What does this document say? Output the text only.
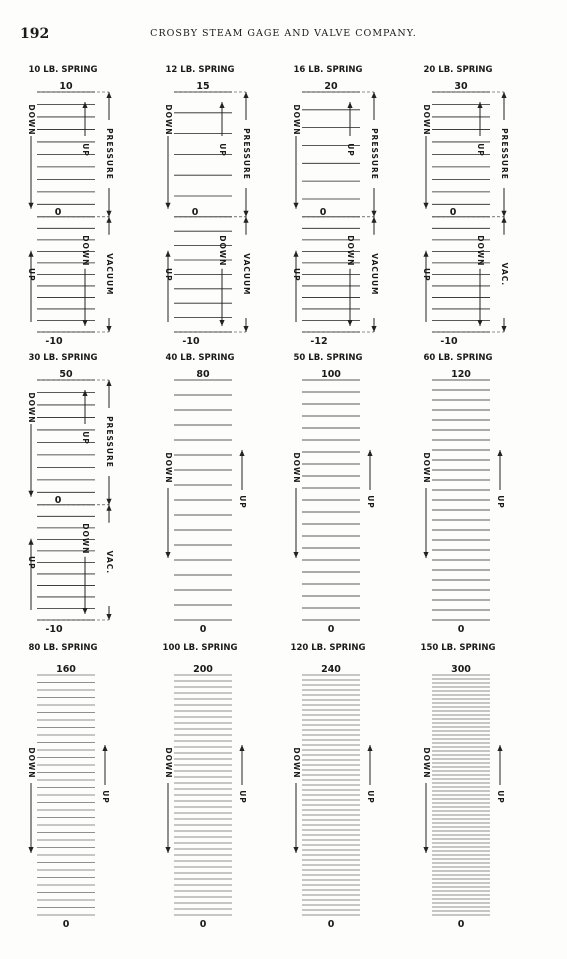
192	CROSBY STEAM GAGE AND VALVE COMPANY.
10 LB. SPRING
10
0
-10
DOWN
UP
UP
DOWN
PRESSURE
VACUUM
12 LB. SPRING
15
0
-10
DOWN
UP
UP
DOWN
PRESSURE
VACUUM
16 LB. SPRING
20
0
-12
DOWN
UP
UP
DOWN
PRESSURE
VACUUM
20 LB. SPRING
30
0
-10
DOWN
UP
UP
DOWN
PRESSURE
VAC.
30 LB. SPRING
50
0
-10
DOWN
UP
UP
DOWN
PRESSURE
VAC.
40 LB. SPRING
80
0
DOWN
UP
50 LB. SPRING
100
0
DOWN
UP
60 LB. SPRING
120
0
DOWN
UP
80 LB. SPRING
160
0
DOWN
UP
100 LB. SPRING
200
0
DOWN
UP
120 LB. SPRING
240
0
DOWN
UP
150 LB. SPRING
300
0
DOWN
UP
